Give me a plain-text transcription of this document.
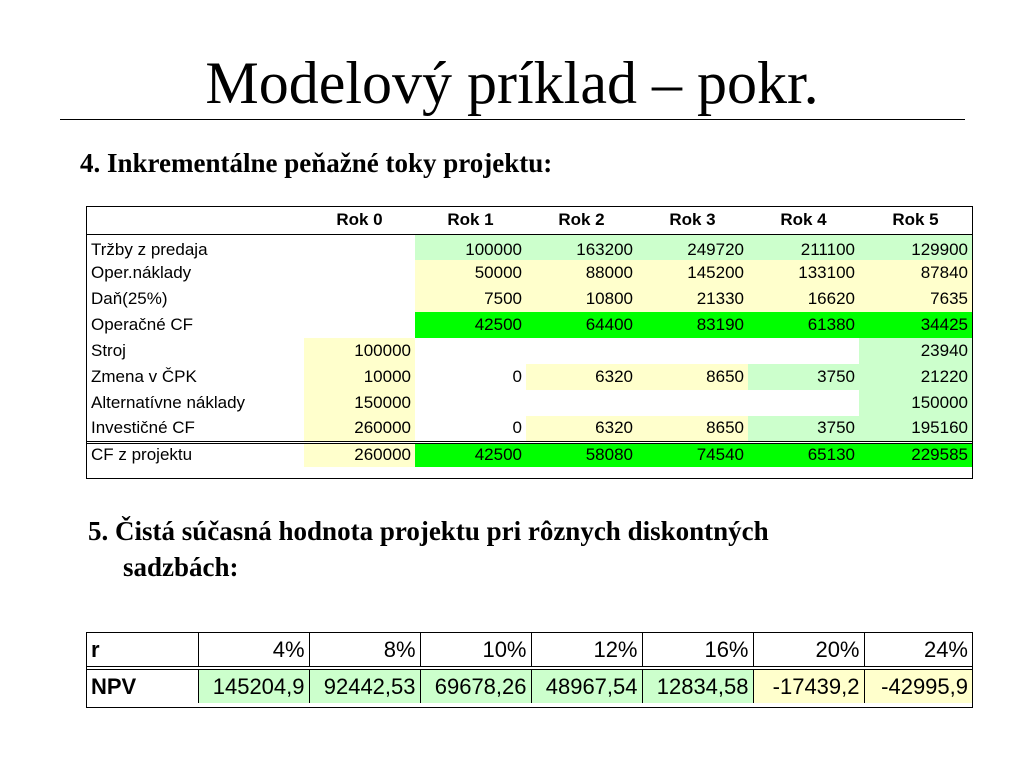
Modelový príklad – pokr.
4. Inkrementálne peňažné toky projektu:
	Rok 0	Rok 1	Rok 2	Rok 3	Rok 4	Rok 5
Tržby z predaja		100000	163200	249720	211100	129900
Oper.náklady		50000	88000	145200	133100	87840
Daň(25%)		7500	10800	21330	16620	7635
Operačné CF		42500	64400	83190	61380	34425
Stroj	100000					23940
Zmena v ČPK	10000	0	6320	8650	3750	21220
Alternatívne náklady	150000					150000
Investičné CF	260000	0	6320	8650	3750	195160
CF z projektu	260000	42500	58080	74540	65130	229585
5. Čistá súčasná hodnota projektu pri rôznych diskontných
sadzbách:
r	4%	8%	10%	12%	16%	20%	24%
NPV	145204,9	92442,53	69678,26	48967,54	12834,58	-17439,2	-42995,9
